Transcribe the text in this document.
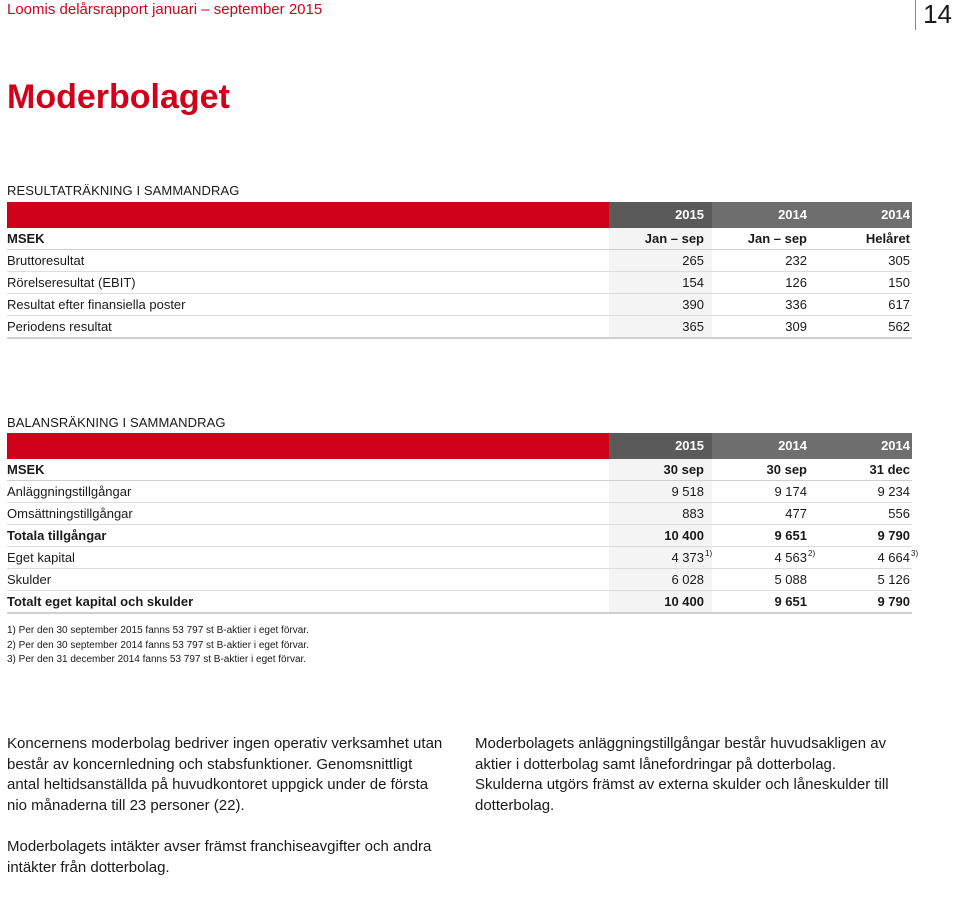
Loomis delårsrapport januari – september 2015	14
Moderbolaget
RESULTATRÄKNING I SAMMANDRAG
	2015	2014	2014
MSEK	Jan – sep	Jan – sep	Helåret
Bruttoresultat	265	232	305
Rörelseresultat (EBIT)	154	126	150
Resultat efter finansiella poster	390	336	617
Periodens resultat	365	309	562
BALANSRÄKNING I SAMMANDRAG
	2015	2014	2014
MSEK	30 sep	30 sep	31 dec
Anläggningstillgångar	9 518	9 174	9 234
Omsättningstillgångar	883	477	556
Totala tillgångar	10 400	9 651	9 790
Eget kapital	4 373 1)	4 563 2)	4 664 3)

Skulder	6 028	5 088	5 126
Totalt eget kapital och skulder	10 400	9 651	9 790
1) Per den 30 september 2015 fanns 53 797 st B-aktier i eget förvar.
2) Per den 30 september 2014 fanns 53 797 st B-aktier i eget förvar.
3) Per den 31 december 2014 fanns 53 797 st B-aktier i eget förvar.

Koncernens moderbolag bedriver ingen operativ verksamhet utan består av koncernledning och stabsfunktioner. Genomsnittligt antal heltidsanställda på huvudkontoret uppgick under de första nio månaderna till 23 personer (22).

Moderbolagets intäkter avser främst franchiseavgifter och andra intäkter från dotterbolag.

Moderbolagets anläggningstillgångar består huvudsakligen av aktier i dotterbolag samt lånefordringar på dotterbolag. Skulderna utgörs främst av externa skulder och låneskulder till dotterbolag.
